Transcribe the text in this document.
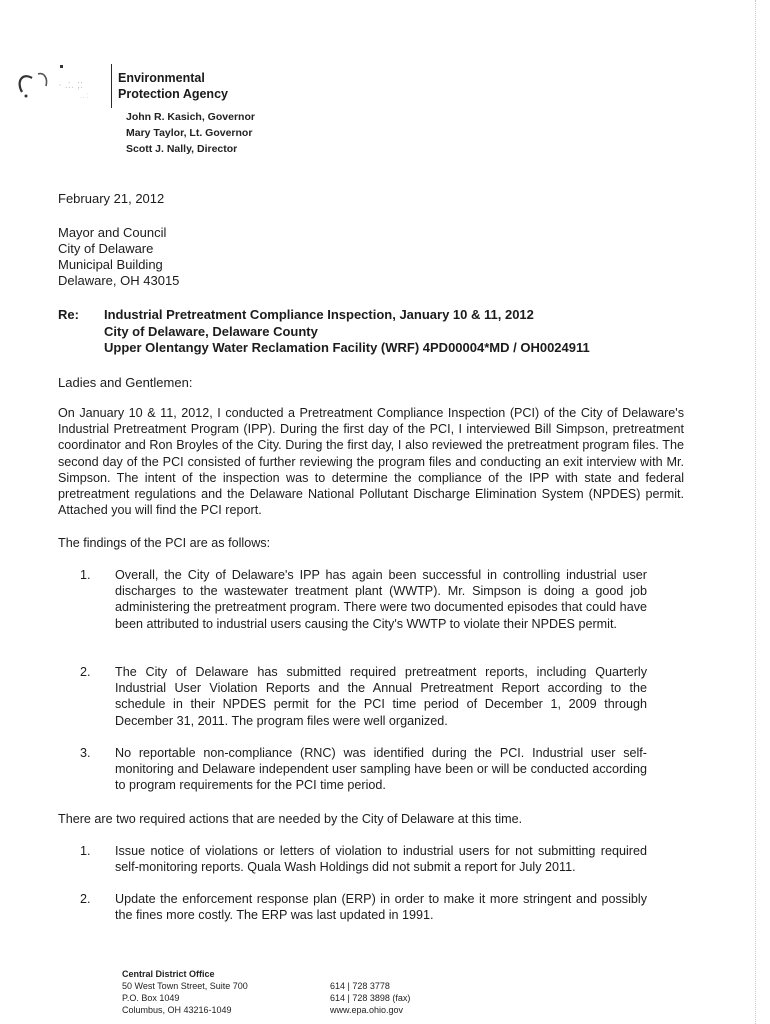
· .:. ;:
.. :
Environmental
Protection Agency
John R. Kasich, Governor
Mary Taylor, Lt. Governor
Scott J. Nally, Director
February 21, 2012
Mayor and Council
City of Delaware
Municipal Building
Delaware, OH 43015
Re: Industrial Pretreatment Compliance Inspection, January 10 & 11, 2012
City of Delaware, Delaware County
Upper Olentangy Water Reclamation Facility (WRF) 4PD00004*MD / OH0024911
Ladies and Gentlemen:
On January 10 & 11, 2012, I conducted a Pretreatment Compliance Inspection (PCI) of the City of Delaware's Industrial Pretreatment Program (IPP). During the first day of the PCI, I interviewed Bill Simpson, pretreatment coordinator and Ron Broyles of the City. During the first day, I also reviewed the pretreatment program files. The second day of the PCI consisted of further reviewing the program files and conducting an exit interview with Mr. Simpson. The intent of the inspection was to determine the compliance of the IPP with state and federal pretreatment regulations and the Delaware National Pollutant Discharge Elimination System (NPDES) permit. Attached you will find the PCI report.
The findings of the PCI are as follows:
1. Overall, the City of Delaware's IPP has again been successful in controlling industrial user discharges to the wastewater treatment plant (WWTP). Mr. Simpson is doing a good job administering the pretreatment program. There were two documented episodes that could have been attributed to industrial users causing the City's WWTP to violate their NPDES permit.
2. The City of Delaware has submitted required pretreatment reports, including Quarterly Industrial User Violation Reports and the Annual Pretreatment Report according to the schedule in their NPDES permit for the PCI time period of December 1, 2009 through December 31, 2011. The program files were well organized.
3. No reportable non-compliance (RNC) was identified during the PCI. Industrial user self-monitoring and Delaware independent user sampling have been or will be conducted according to program requirements for the PCI time period.
There are two required actions that are needed by the City of Delaware at this time.
1. Issue notice of violations or letters of violation to industrial users for not submitting required self-monitoring reports. Quala Wash Holdings did not submit a report for July 2011.
2. Update the enforcement response plan (ERP) in order to make it more stringent and possibly the fines more costly. The ERP was last updated in 1991.
Central District Office
50 West Town Street, Suite 700
P.O. Box 1049
Columbus, OH 43216-1049
614 | 728 3778
614 | 728 3898 (fax)
www.epa.ohio.gov
